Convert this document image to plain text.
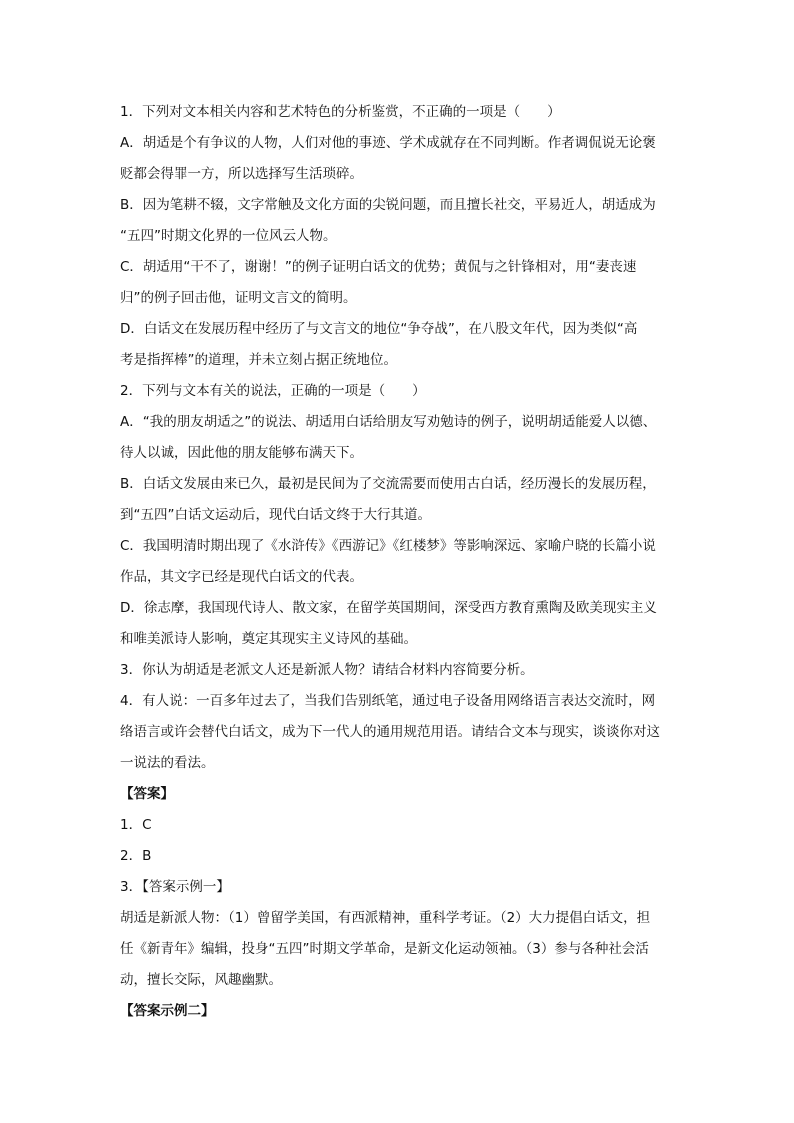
1．下列对文本相关内容和艺术特色的分析鉴赏，不正确的一项是（　　）
A．胡适是个有争议的人物，人们对他的事迹、学术成就存在不同判断。作者调侃说无论褒
贬都会得罪一方，所以选择写生活琐碎。
B．因为笔耕不辍，文字常触及文化方面的尖锐问题，而且擅长社交，平易近人，胡适成为
“五四”时期文化界的一位风云人物。
C．胡适用“干不了，谢谢！”的例子证明白话文的优势；黄侃与之针锋相对，用“妻丧速
归”的例子回击他，证明文言文的简明。
D．白话文在发展历程中经历了与文言文的地位“争夺战”，在八股文年代，因为类似“高
考是指挥棒”的道理，并未立刻占据正统地位。
2．下列与文本有关的说法，正确的一项是（　　）
A．“我的朋友胡适之”的说法、胡适用白话给朋友写劝勉诗的例子，说明胡适能爱人以德、
待人以诚，因此他的朋友能够布满天下。
B．白话文发展由来已久，最初是民间为了交流需要而使用古白话，经历漫长的发展历程，
到“五四”白话文运动后，现代白话文终于大行其道。
C．我国明清时期出现了《水浒传》《西游记》《红楼梦》等影响深远、家喻户晓的长篇小说
作品，其文字已经是现代白话文的代表。
D．徐志摩，我国现代诗人、散文家，在留学英国期间，深受西方教育熏陶及欧美现实主义
和唯美派诗人影响，奠定其现实主义诗风的基础。
3．你认为胡适是老派文人还是新派人物？请结合材料内容简要分析。
4．有人说：一百多年过去了，当我们告别纸笔，通过电子设备用网络语言表达交流时，网
络语言或许会替代白话文，成为下一代人的通用规范用语。请结合文本与现实，谈谈你对这
一说法的看法。
【答案】
1．C
2．B
3．【答案示例一】
胡适是新派人物：（1）曾留学美国，有西派精神，重科学考证。（2）大力提倡白话文，担
任《新青年》编辑，投身“五四”时期文学革命，是新文化运动领袖。（3）参与各种社会活
动，擅长交际，风趣幽默。
【答案示例二】
